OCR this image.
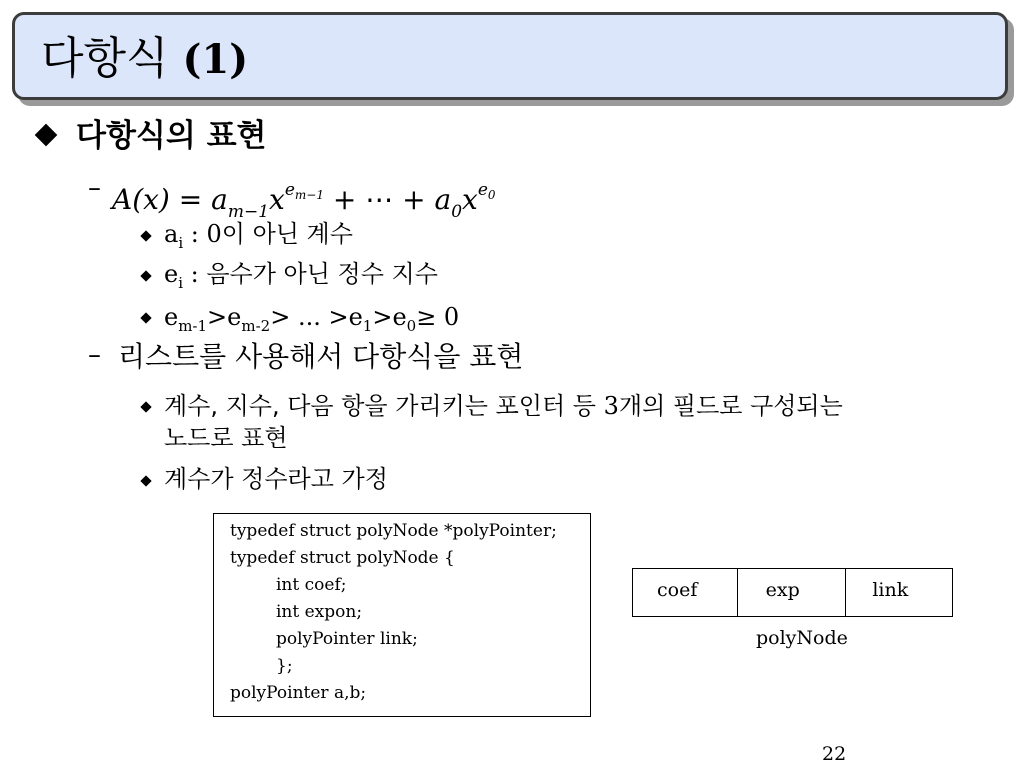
다항식 (1)
다항식의 표현
– $A(x) = a_{m-1}x^{e_{m-1}}$ + ⋯ + $a_0x^{e_0}$
$a_i$ : 0이 아닌 계수
$e_i$ : 음수가 아닌 정수 지수
$e_{m-1}>e_{m-2}>$ ... $>e_1>e_0\ge 0$
– 리스트를 사용해서 다항식을 표현
계수, 지수, 다음 항을 가리키는 포인터 등 3개의 필드로 구성되는
노드로 표현
계수가 정수라고 가정
typedef struct polyNode *polyPointer;
typedef struct polyNode {
int coef;
int expon;
polyPointer link;
};
polyPointer a,b;
coef	exp	link
polyNode
22
